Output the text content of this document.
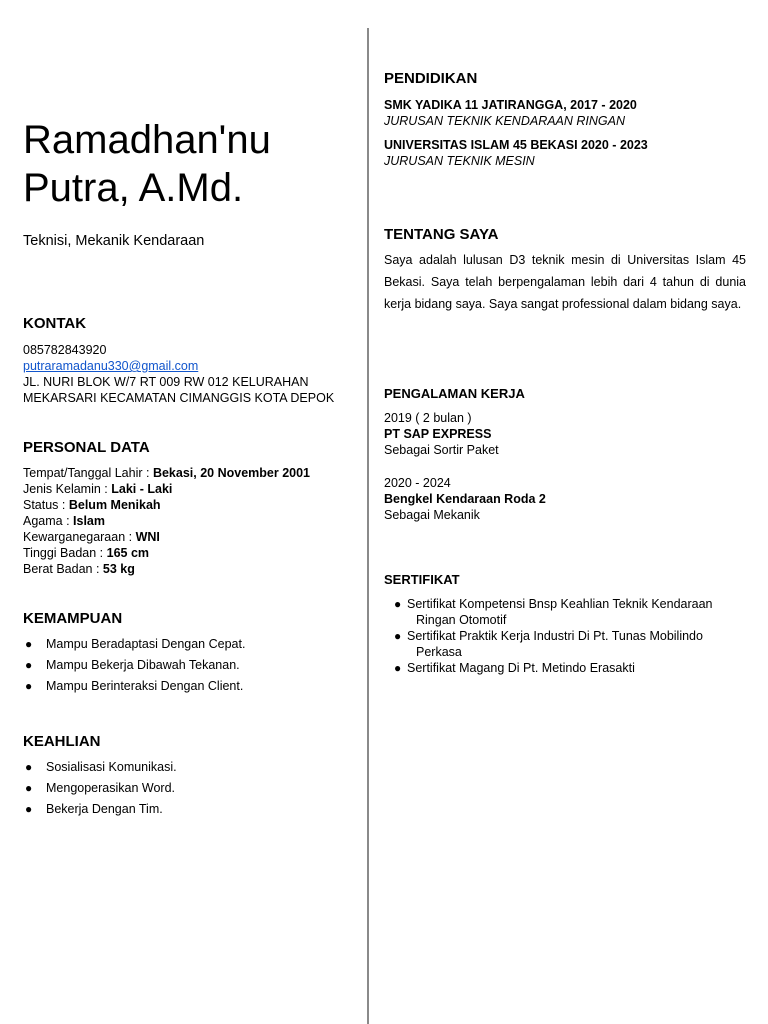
Ramadhan'nu
Putra, A.Md.
Teknisi, Mekanik Kendaraan
KONTAK
085782843920
putraramadanu330@gmail.com
JL. NURI BLOK W/7 RT 009 RW 012 KELURAHAN
MEKARSARI KECAMATAN CIMANGGIS KOTA DEPOK
PERSONAL DATA
Tempat/Tanggal Lahir : Bekasi, 20 November 2001
Jenis Kelamin : Laki - Laki
Status : Belum Menikah
Agama : Islam
Kewarganegaraan : WNI
Tinggi Badan : 165 cm
Berat Badan : 53 kg
KEMAMPUAN
● Mampu Beradaptasi Dengan Cepat.
● Mampu Bekerja Dibawah Tekanan.
● Mampu Berinteraksi Dengan Client.
KEAHLIAN
● Sosialisasi Komunikasi.
● Mengoperasikan Word.
● Bekerja Dengan Tim.
PENDIDIKAN
SMK YADIKA 11 JATIRANGGA, 2017 - 2020
JURUSAN TEKNIK KENDARAAN RINGAN
UNIVERSITAS ISLAM 45 BEKASI 2020 - 2023
JURUSAN TEKNIK MESIN
TENTANG SAYA
Saya adalah lulusan D3 teknik mesin di Universitas Islam 45 Bekasi. Saya telah berpengalaman lebih dari 4 tahun di dunia kerja bidang saya. Saya sangat professional dalam bidang saya.
PENGALAMAN KERJA
2019 ( 2 bulan )
PT SAP EXPRESS
Sebagai Sortir Paket
2020 - 2024
Bengkel Kendaraan Roda 2
Sebagai Mekanik
SERTIFIKAT
● Sertifikat Kompetensi Bnsp Keahlian Teknik Kendaraan
Ringan Otomotif
● Sertifikat Praktik Kerja Industri Di Pt. Tunas Mobilindo
Perkasa
● Sertifikat Magang Di Pt. Metindo Erasakti
